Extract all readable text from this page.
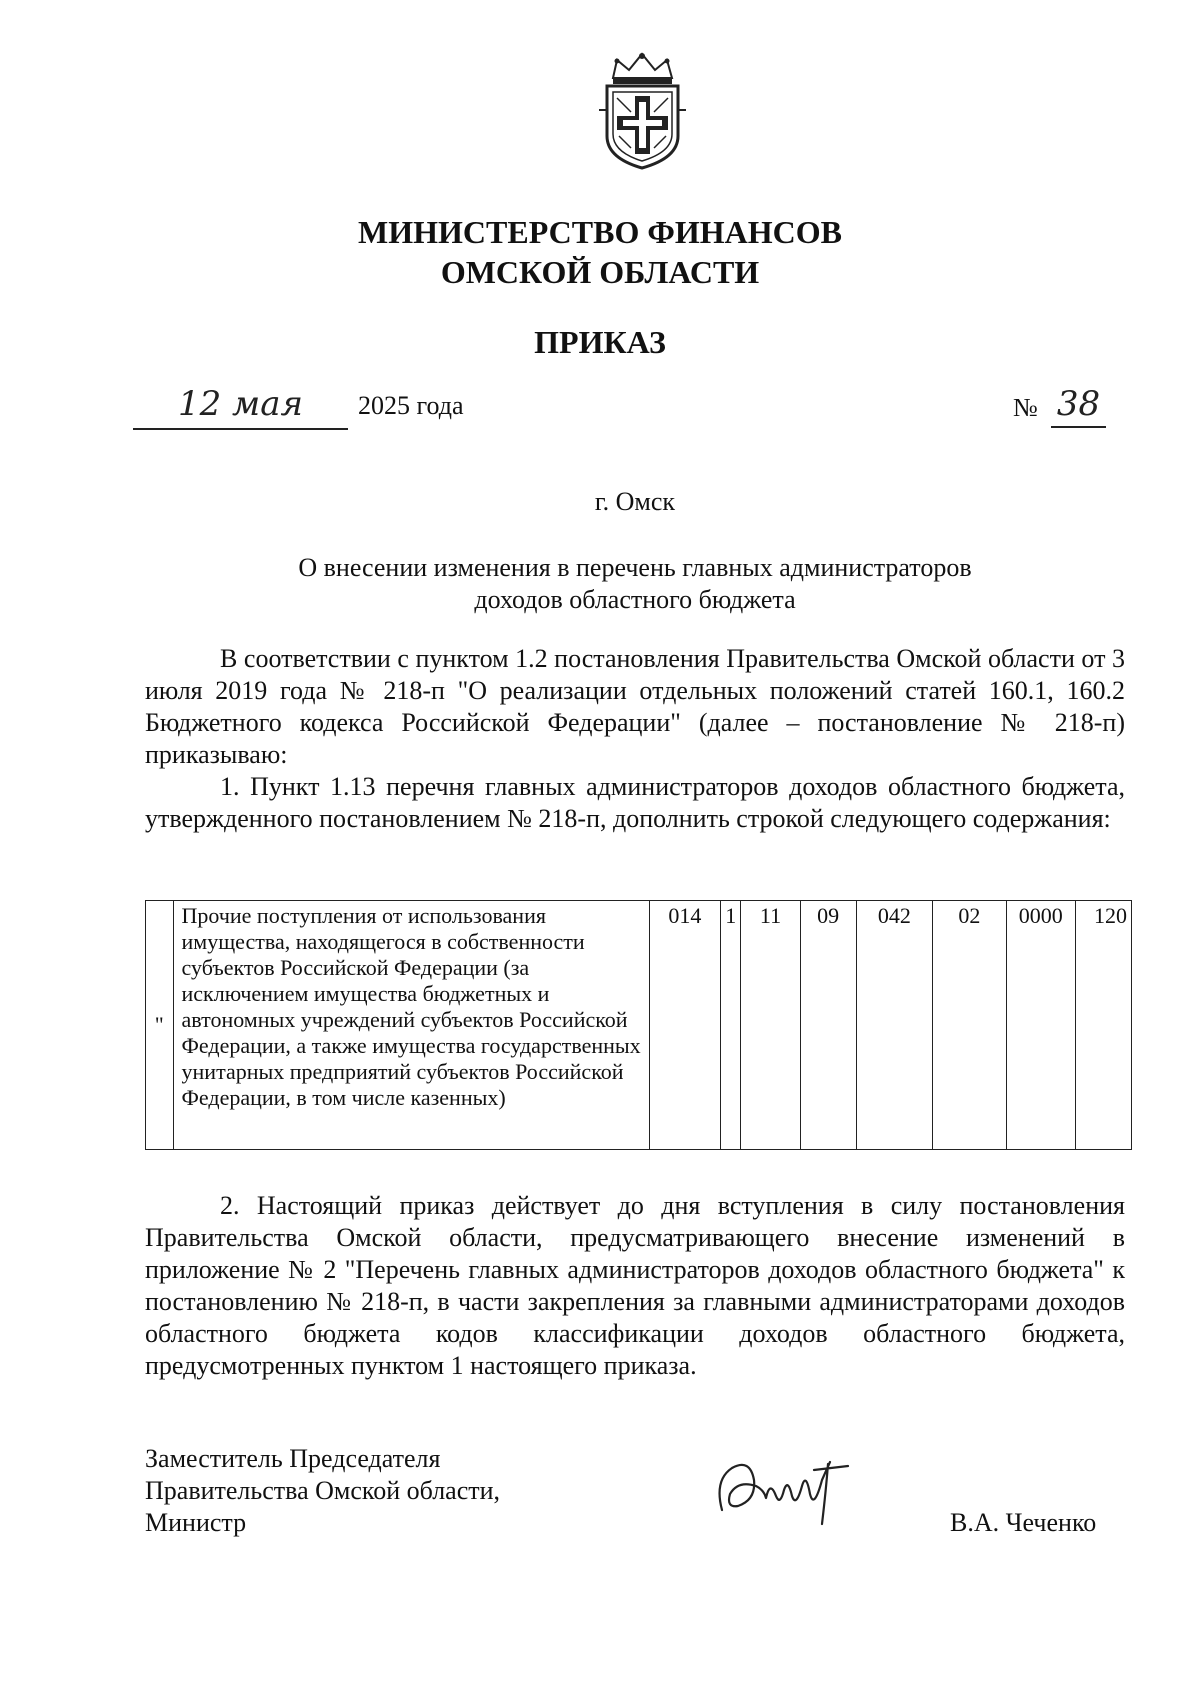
МИНИСТЕРСТВО ФИНАНСОВ
ОМСКОЙ ОБЛАСТИ
ПРИКАЗ
12 мая	2025 года	№ 38
г. Омск
О внесении изменения в перечень главных администраторов
доходов областного бюджета

В соответствии с пунктом 1.2 постановления Правительства Омской области от 3 июля 2019 года № 218-п "О реализации отдельных положений статей 160.1, 160.2 Бюджетного кодекса Российской Федерации" (далее – постановление № 218-п) приказываю:

1. Пункт 1.13 перечня главных администраторов доходов областного бюджета, утвержденного постановлением № 218-п, дополнить строкой следующего содержания:

"	Прочие поступления от использования имущества, находящегося в собственности субъектов Российской Федерации (за исключением имущества бюджетных и автономных учреждений субъектов Российской Федерации, а также имущества государственных унитарных предприятий субъектов Российской Федерации, в том числе казенных)	014	1	11	09	042	02	0000	120

2. Настоящий приказ действует до дня вступления в силу постановления Правительства Омской области, предусматривающего внесение изменений в приложение № 2 "Перечень главных администраторов доходов областного бюджета" к постановлению № 218-п, в части закрепления за главными администраторами доходов областного бюджета кодов классификации доходов областного бюджета, предусмотренных пунктом 1 настоящего приказа.

Заместитель Председателя
Правительства Омской области,
Министр	В.А. Чеченко
